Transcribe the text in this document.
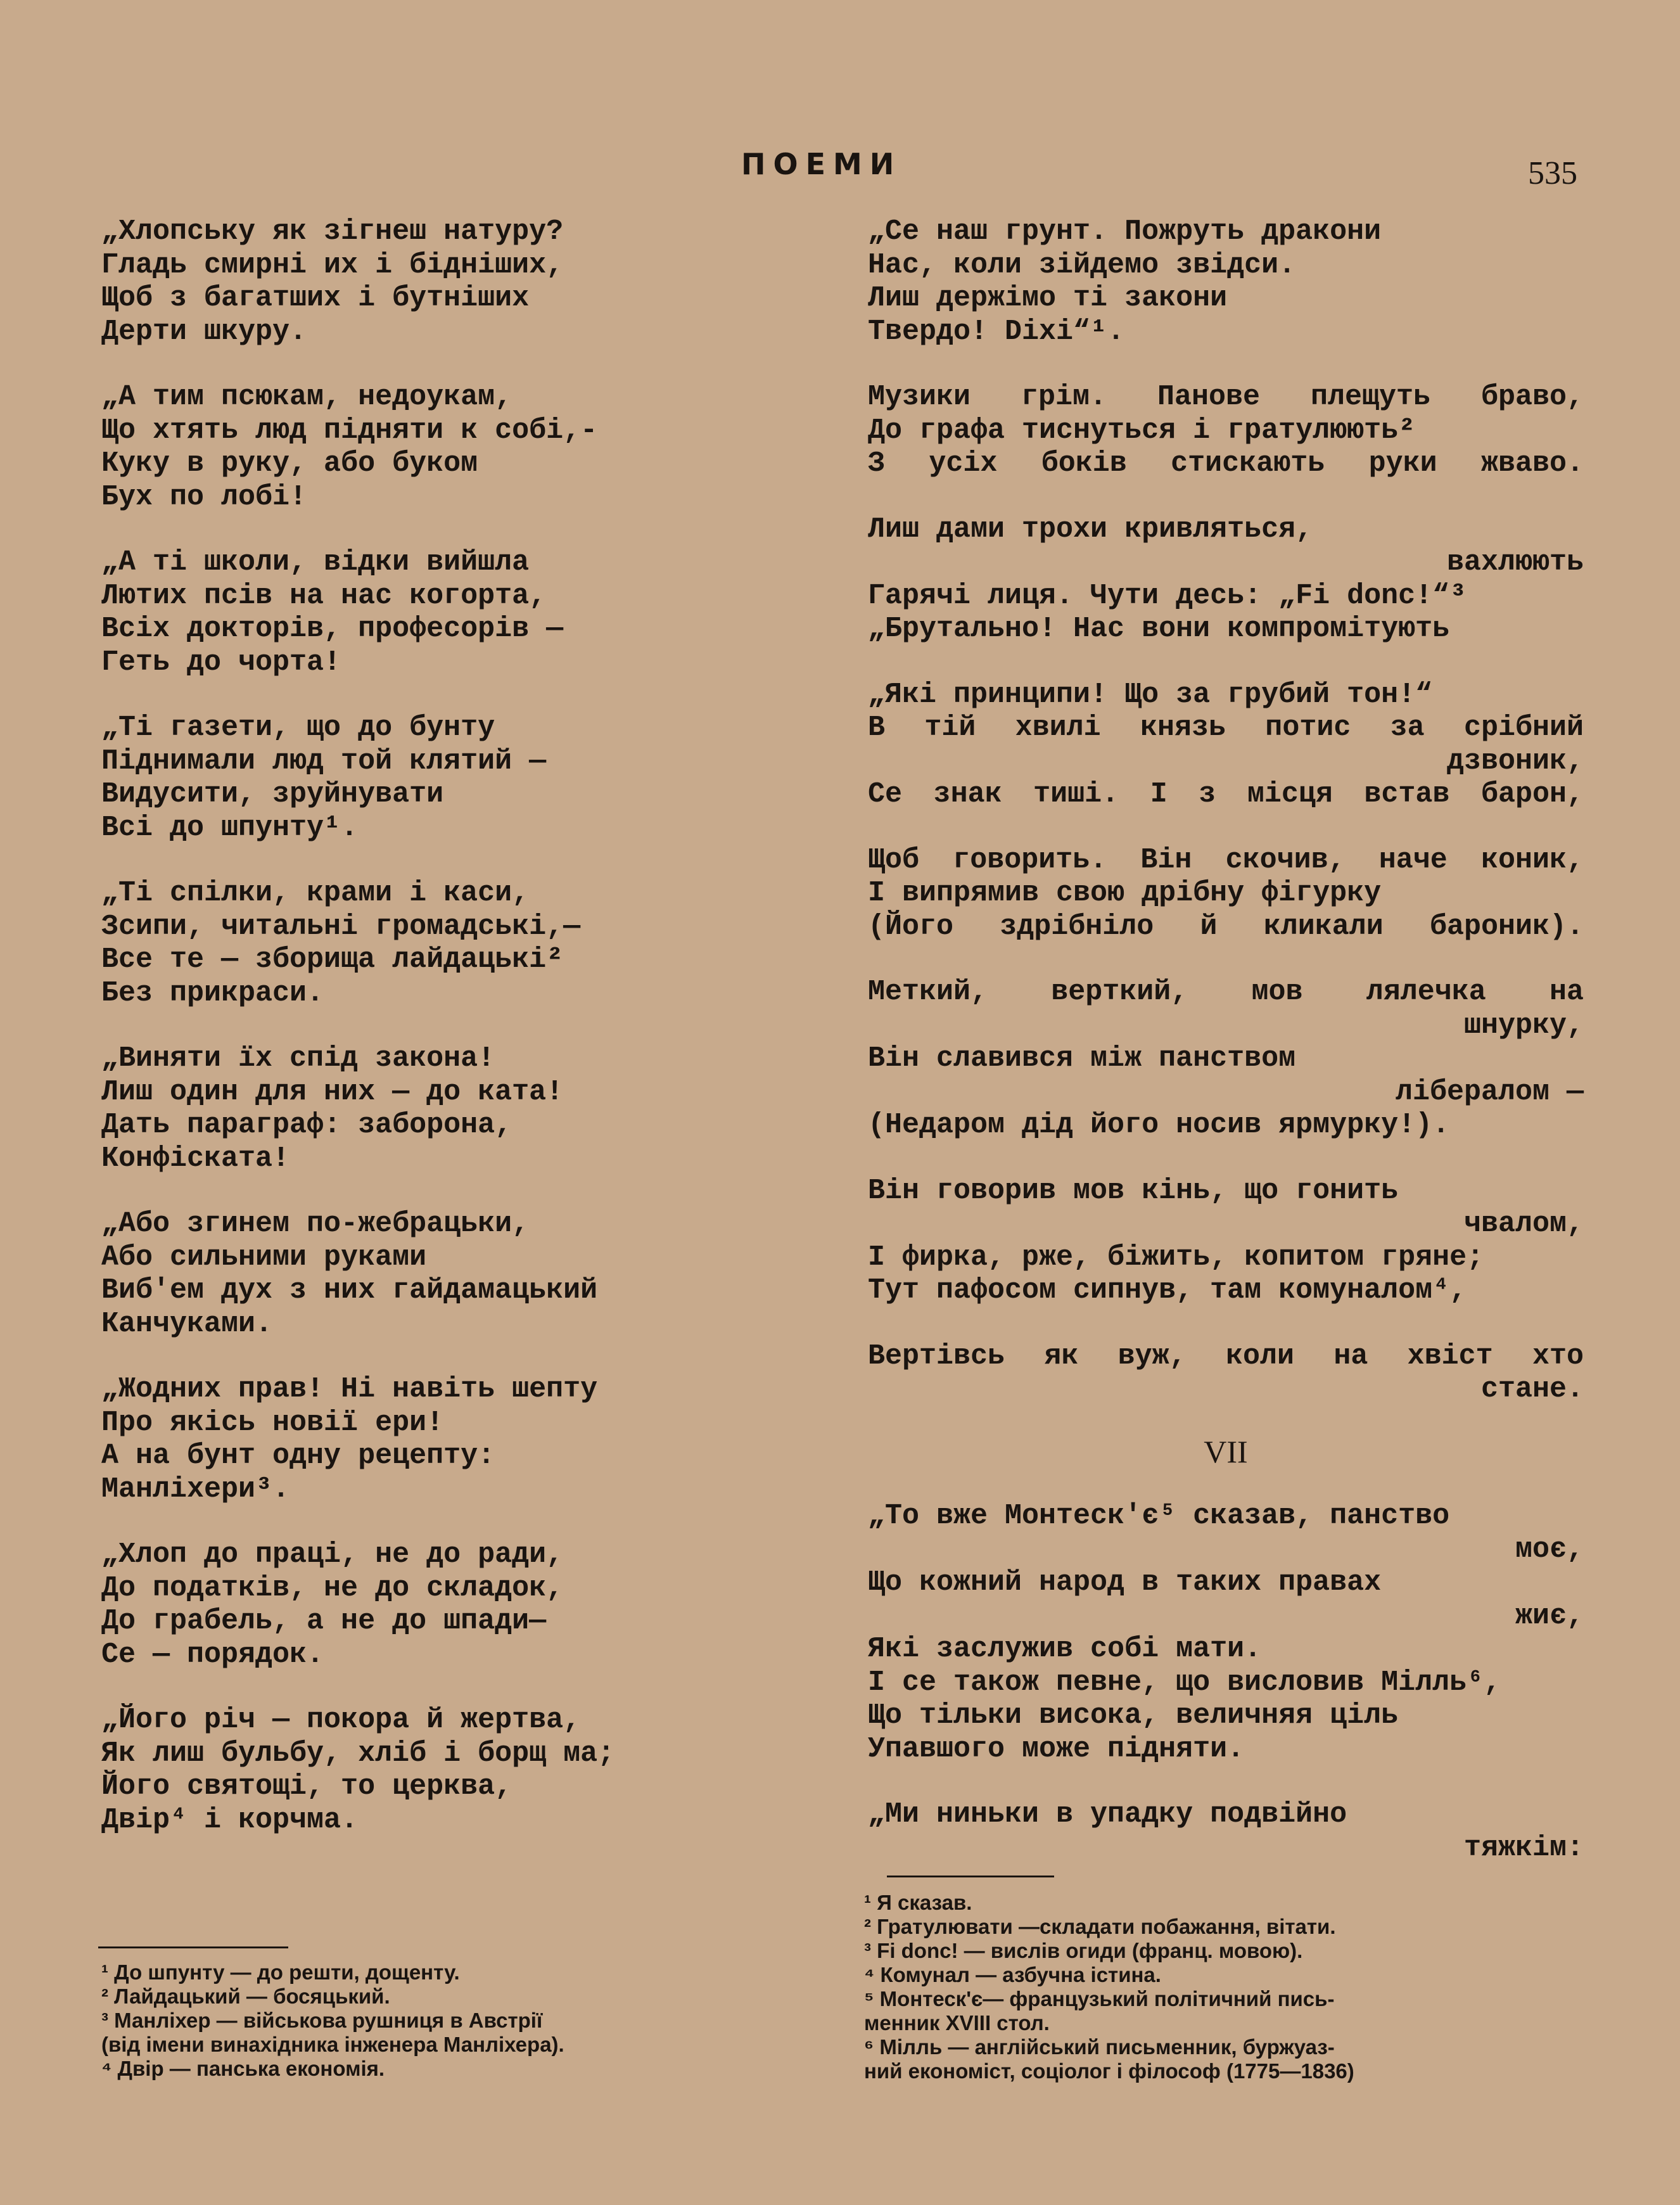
ПОЕМИ	535
„Хлопську як зігнеш натуру?
Гладь смирні их і бідніших,
Щоб з багатших і бутніших
Дерти шкуру.
„А тим псюкам, недоукам,
Що хтять люд підняти к собі,-
Куку в руку, або буком
Бух по лобі!
„А ті школи, відки вийшла
Лютих псів на нас когорта,
Всіх докторів, професорів —
Геть до чорта!
„Ті газети, що до бунту
Піднимали люд той клятий —
Видусити, зруйнувати
Всі до шпунту¹.
„Ті спілки, крами і каси,
Зсипи, читальні громадські,—
Все те — зборища лайдацькі²
Без прикраси.
„Виняти їх спід закона!
Лиш один для них — до ката!
Дать параграф: заборона,
Конфіската!
„Або згинем по-жебрацьки,
Або сильними руками
Виб'ем дух з них гайдамацький
Канчуками.
„Жодних прав! Ні навіть шепту
Про якісь новії ери!
А на бунт одну рецепту:
Манліхери³.
„Хлоп до праці, не до ради,
До податків, не до складок,
До грабель, а не до шпади—
Се — порядок.
„Його річ — покора й жертва,
Як лиш бульбу, хліб і борщ ма;
Його святощі, то церква,
Двір⁴ і корчма.
„Се наш грунт. Пожруть дракони
Нас, коли зійдемо звідси.
Лиш держімо ті закони
Твердо! Dixi“¹.
Музики грім. Панове плещуть браво,
До графа тиснуться і гратулюють²
З усіх боків стискають руки жваво.
Лиш дами трохи кривляться,
вахлюють
Гарячі лиця. Чути десь: „Fi donc!“³
„Брутально! Нас вони компромітують
„Які принципи! Що за грубий тон!“
В тій хвилі князь потис за срібний
дзвоник,
Се знак тиші. І з місця встав барон,
Щоб говорить. Він скочив, наче коник,
І випрямив свою дрібну фігурку
(Його здрібніло й кликали бароник).
Меткий, верткий, мов лялечка на
шнурку,
Він славився між панством
лібералом —
(Недаром дід його носив ярмурку!).
Він говорив мов кінь, що гонить
чвалом,
І фирка, рже, біжить, копитом гряне;
Тут пафосом сипнув, там комуналом⁴,
Вертівсь як вуж, коли на хвіст хто
стане.
VII
„То вже Монтеск'є⁵ сказав, панство
моє,
Що кожний народ в таких правах
жиє,
Які заслужив собі мати.
І се також певне, що висловив Мілль⁶,
Що тільки висока, величняя ціль
Упавшого може підняти.
„Ми ниньки в упадку подвійно
тяжкім:
¹ До шпунту — до решти, дощенту.
² Лайдацький — босяцький.
³ Манліхер — військова рушниця в Австрії
(від імени винахідника інженера Манліхера).
⁴ Двір — панська економія.
¹ Я сказав.
² Гратулювати —складати побажання, вітати.
³ Fi donc! — вислів огиди (франц. мовою).
⁴ Комунал — азбучна істина.
⁵ Монтеск'є— французький політичний пись-
менник XVIII стол.
⁶ Мілль — англійський письменник, буржуаз-
ний економіст, соціолог і філософ (1775—1836)
